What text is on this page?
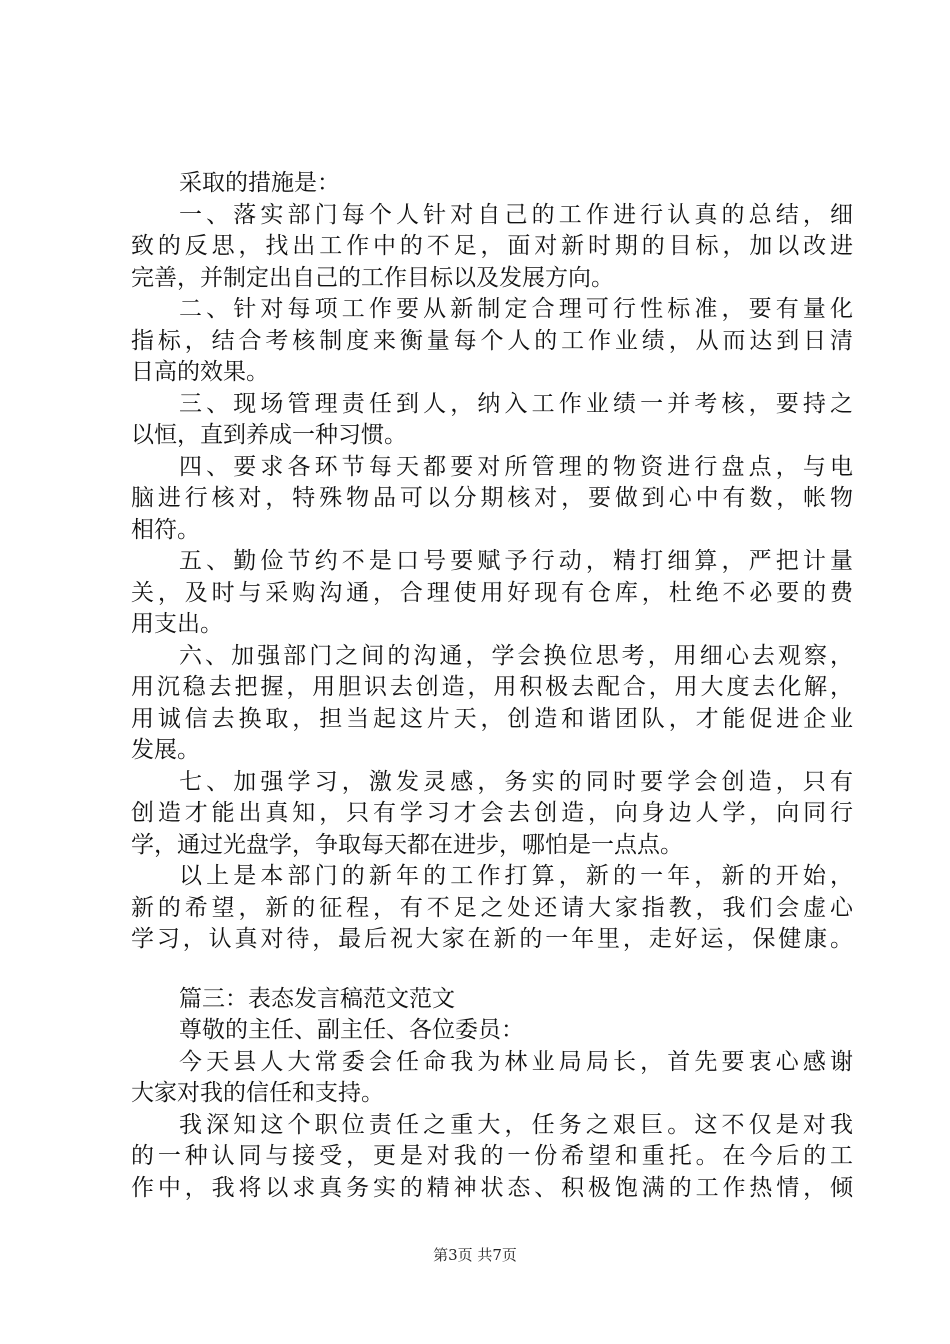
采取的措施是：
一、落实部门每个人针对自己的工作进行认真的总结，细
致的反思，找出工作中的不足，面对新时期的目标，加以改进
完善，并制定出自己的工作目标以及发展方向。
二、针对每项工作要从新制定合理可行性标准，要有量化
指标，结合考核制度来衡量每个人的工作业绩，从而达到日清
日高的效果。
三、现场管理责任到人，纳入工作业绩一并考核，要持之
以恒，直到养成一种习惯。
四、要求各环节每天都要对所管理的物资进行盘点，与电
脑进行核对，特殊物品可以分期核对，要做到心中有数，帐物
相符。
五、勤俭节约不是口号要赋予行动，精打细算，严把计量
关，及时与采购沟通，合理使用好现有仓库，杜绝不必要的费
用支出。
六、加强部门之间的沟通，学会换位思考，用细心去观察，
用沉稳去把握，用胆识去创造，用积极去配合，用大度去化解，
用诚信去换取，担当起这片天，创造和谐团队，才能促进企业
发展。
七、加强学习，激发灵感，务实的同时要学会创造，只有
创造才能出真知，只有学习才会去创造，向身边人学，向同行
学，通过光盘学，争取每天都在进步，哪怕是一点点。
以上是本部门的新年的工作打算，新的一年，新的开始，
新的希望，新的征程，有不足之处还请大家指教，我们会虚心
学习，认真对待，最后祝大家在新的一年里，走好运，保健康。
篇三：表态发言稿范文范文
尊敬的主任、副主任、各位委员：
今天县人大常委会任命我为林业局局长，首先要衷心感谢
大家对我的信任和支持。
我深知这个职位责任之重大，任务之艰巨。这不仅是对我
的一种认同与接受，更是对我的一份希望和重托。在今后的工
作中，我将以求真务实的精神状态、积极饱满的工作热情，倾
第3页 共7页
